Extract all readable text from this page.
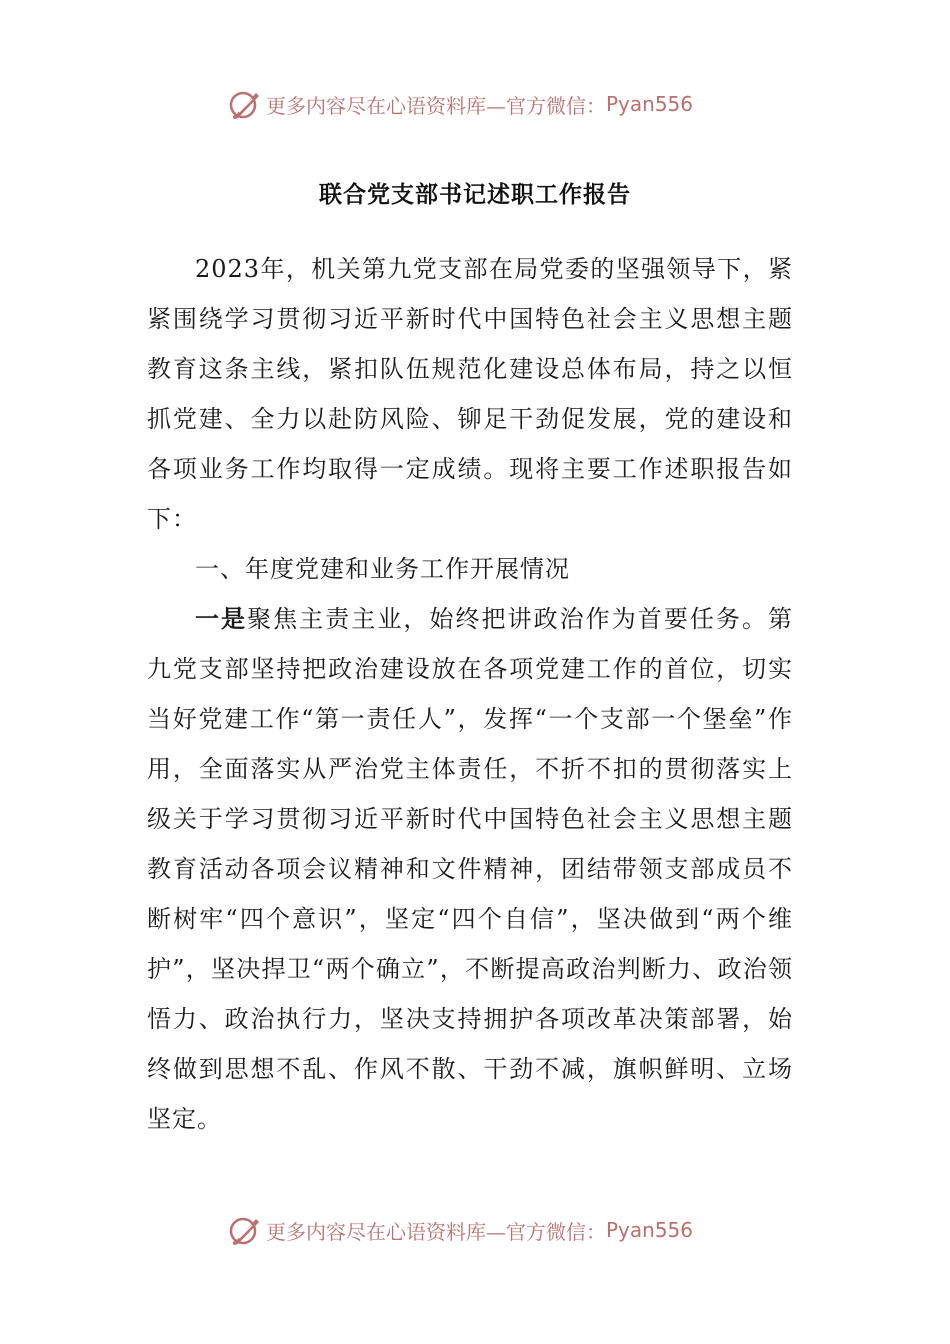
更多内容尽在心语资料库—官方微信： Pyan556
联合党支部书记述职工作报告

2023年，机关第九党支部在局党委的坚强领导下，紧紧围绕学习贯彻习近平新时代中国特色社会主义思想主题教育这条主线，紧扣队伍规范化建设总体布局，持之以恒抓党建、全力以赴防风险、铆足干劲促发展，党的建设和各项业务工作均取得一定成绩。现将主要工作述职报告如下：

一、年度党建和业务工作开展情况

一是聚焦主责主业，始终把讲政治作为首要任务。第九党支部坚持把政治建设放在各项党建工作的首位，切实当好党建工作“第一责任人”，发挥“一个支部一个堡垒”作用，全面落实从严治党主体责任，不折不扣的贯彻落实上级关于学习贯彻习近平新时代中国特色社会主义思想主题教育活动各项会议精神和文件精神，团结带领支部成员不断树牢“四个意识”，坚定“四个自信”，坚决做到“两个维护”，坚决捍卫“两个确立”，不断提高政治判断力、政治领悟力、政治执行力，坚决支持拥护各项改革决策部署，始终做到思想不乱、作风不散、干劲不减，旗帜鲜明、立场坚定。

更多内容尽在心语资料库—官方微信： Pyan556
